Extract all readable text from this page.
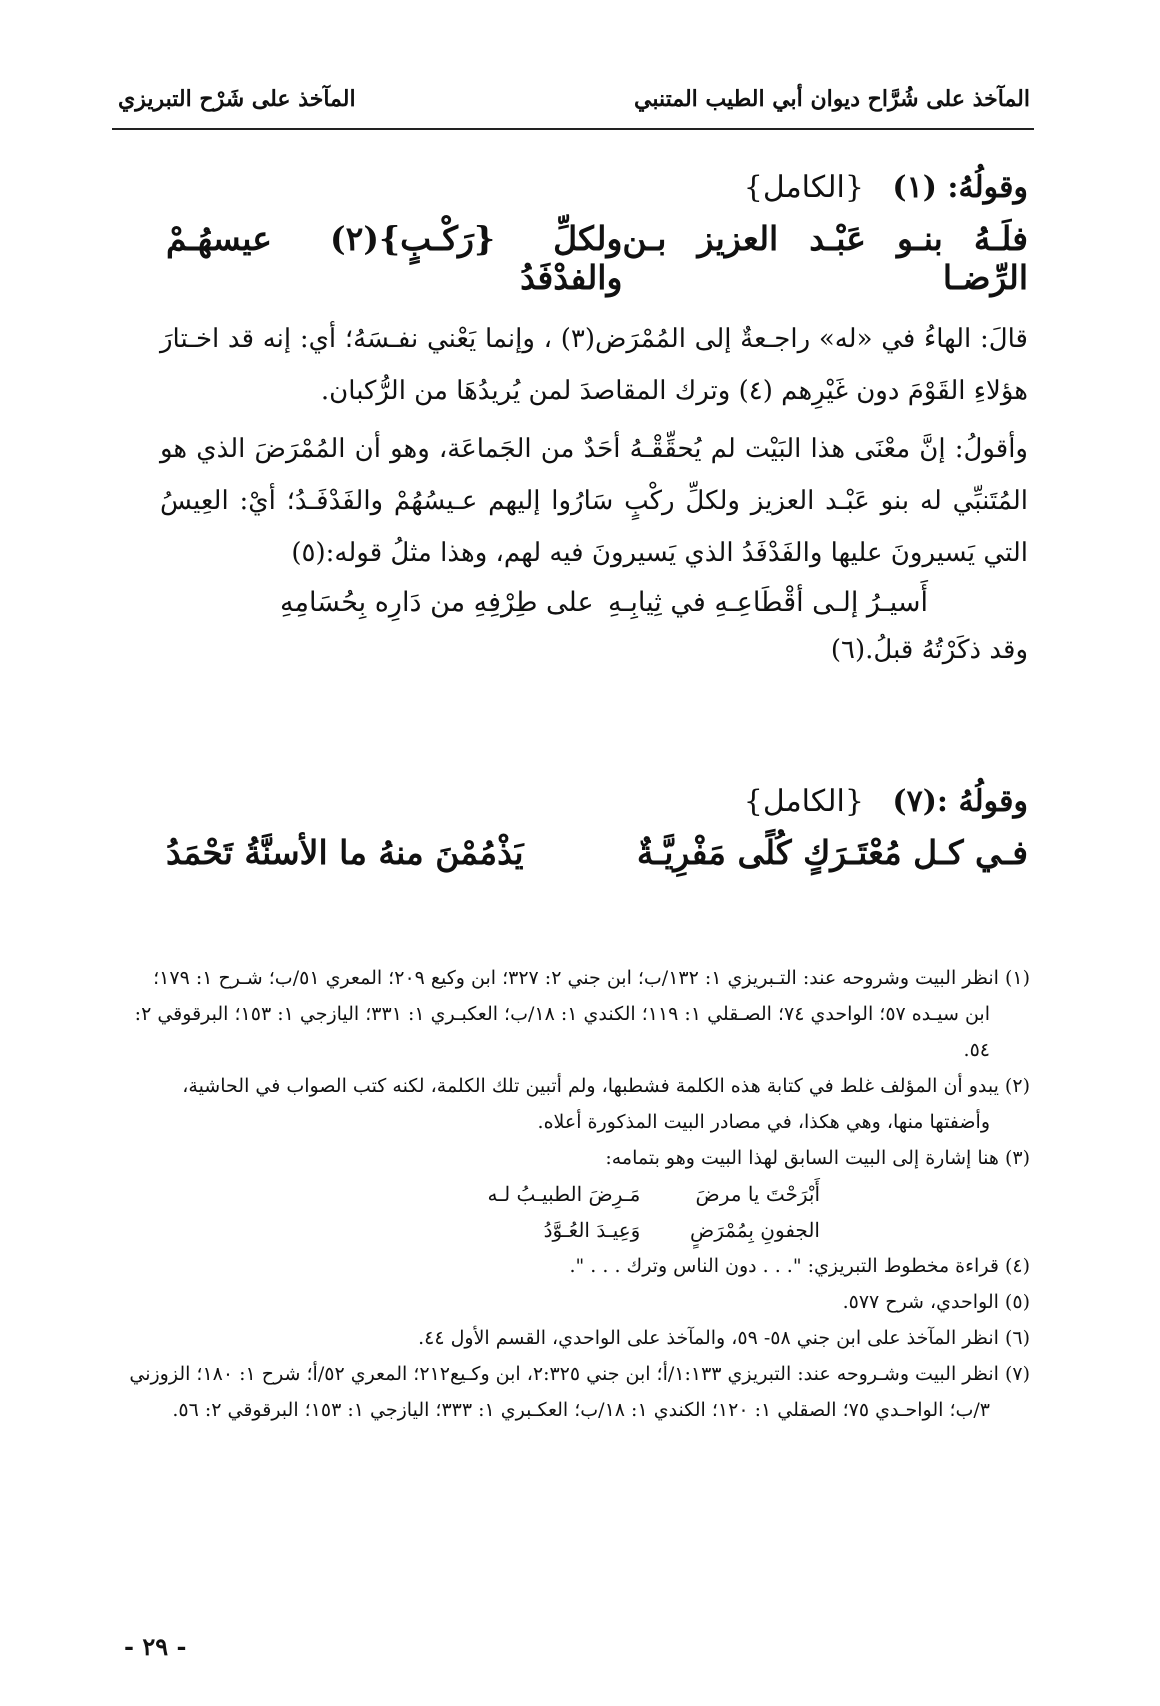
المآخذ على شَرْح التبريزي	المآخذ على شُرَّاح ديوان أبي الطيب المتنبي

وقولُهُ: (١) {الكامل}

فلَـهُ بنـو عَبْـد العزيز بـن الرِّضـا
ولكلِّ {رَكْـبٍ}(٢) عيسهُـمْ والفدْفَدُ

قالَ: الهاءُ في «له» راجـعةٌ إلى المُمْرَض(٣) ، وإنما يَعْني نفـسَهُ؛ أي: إنه قد اخـتارَ هؤلاءِ القَوْمَ دون غَيْرِهم (٤) وترك المقاصدَ لمن يُريدُهَا من الرُّكبان.

وأقولُ: إنَّ معْنَى هذا البَيْت لم يُحقِّقْـهُ أحَدٌ من الجَماعَة، وهو أن المُمْرَضَ الذي هو المُتَنبِّي له بنو عَبْـد العزيز ولكلِّ ركْبٍ سَارُوا إليهم عـيسُهُمْ والفَدْفَـدُ؛ أيْ: العِيسُ التي يَسيرونَ عليها والفَدْفَدُ الذي يَسيرونَ فيه لهم، وهذا مثلُ قوله:(٥)

أَسيـرُ إلـى أقْطَاعِـهِ في ثِيابِـهِ
على طِرْفِهِ من دَارِه بِحُسَامِهِ

وقد ذكَرْتُهُ قبلُ.(٦)

وقولُهُ :(٧) {الكامل}

فـي كـل مُعْتَـرَكٍ كُلًى مَفْرِيَّـةٌ
يَذْمُمْنَ منهُ ما الأسنَّةُ تَحْمَدُ

(١) انظر البيت وشروحه عند: التـبريزي ١: ١٣٢/ب؛ ابن جني ٢: ٣٢٧؛ ابن وكيع ٢٠٩؛ المعري ٥١/ب؛ شـرح ١: ١٧٩؛ ابن سيـده ٥٧؛ الواحدي ٧٤؛ الصـقلي ١: ١١٩؛ الكندي ١: ١٨/ب؛ العكبـري ١: ٣٣١؛ اليازجي ١: ١٥٣؛ البرقوقي ٢: ٥٤.

(٢) يبدو أن المؤلف غلط في كتابة هذه الكلمة فشطبها، ولم أتبين تلك الكلمة، لكنه كتب الصواب في الحاشية، وأضفتها منها، وهي هكذا، في مصادر البيت المذكورة أعلاه.

(٣) هنا إشارة إلى البيت السابق لهذا البيت وهو بتمامه:

أَبْرَحْتَ يا مرضَ الجفونِ بِمُمْرَضٍ
مَـرِضَ الطبيـبُ لـه وَعِيـدَ العُـوَّدُ

(٤) قراءة مخطوط التبريزي: ". . . دون الناس وترك . . . ".

(٥) الواحدي، شرح ٥٧٧.

(٦) انظر المآخذ على ابن جني ٥٨- ٥٩، والمآخذ على الواحدي، القسم الأول ٤٤.

(٧) انظر البيت وشـروحه عند: التبريزي ١:١٣٣/أ؛ ابن جني ٢:٣٢٥، ابن وكـيع٢١٢؛ المعري ٥٢/أ؛ شرح ١: ١٨٠؛ الزوزني ٣/ب؛ الواحـدي ٧٥؛ الصقلي ١: ١٢٠؛ الكندي ١: ١٨/ب؛ العكـبري ١: ٣٣٣؛ اليازجي ١: ١٥٣؛ البرقوقي ٢: ٥٦.

- ٢٩ -
